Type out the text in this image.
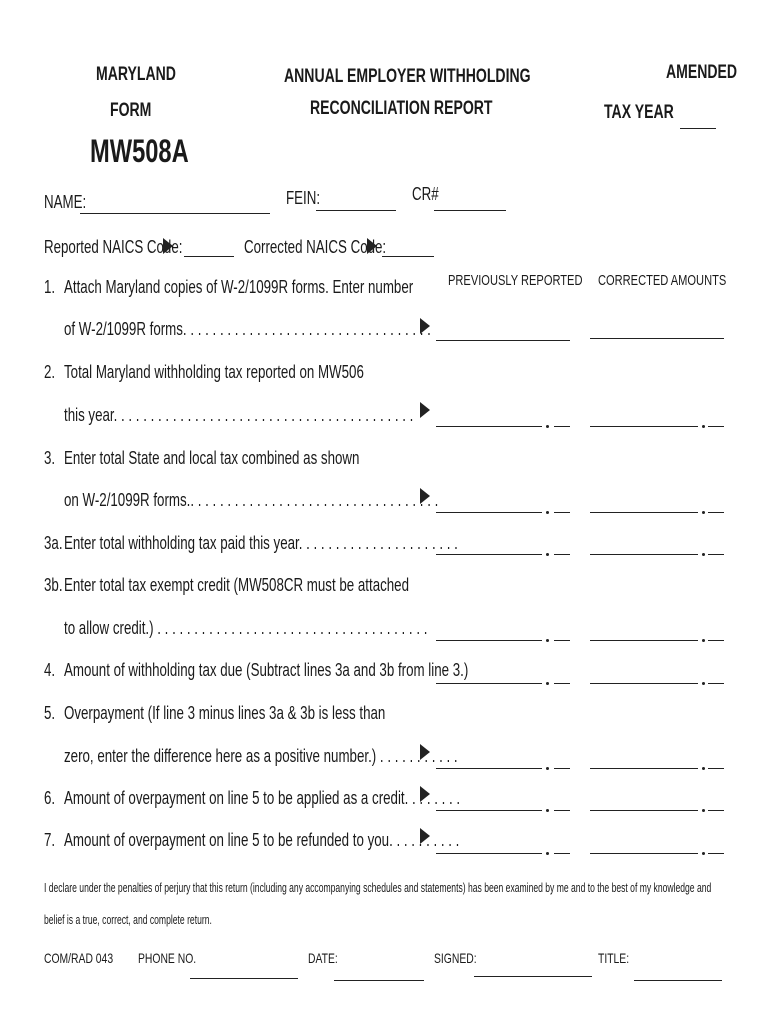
MARYLAND
FORM
MW508A
ANNUAL EMPLOYER WITHHOLDING
RECONCILIATION REPORT
AMENDED
TAX YEAR
NAME:	FEIN:	CR#
Reported NAICS Code:	Corrected NAICS Code:
PREVIOUSLY REPORTED	CORRECTED AMOUNTS
1. Attach Maryland copies of W-2/1099R forms. Enter number
of W-2/1099R forms. . . . . . . . . . . . . . . . . . . . . . . . . . . . . . . . . .
2. Total Maryland withholding tax reported on MW506
this year. . . . . . . . . . . . . . . . . . . . . . . . . . . . . . . . . . . . . . . . .
3. Enter total State and local tax combined as shown
on W-2/1099R forms.. . . . . . . . . . . . . . . . . . . . . . . . . . . . . . . . . .
3a. Enter total withholding tax paid this year. . . . . . . . . . . . . . . . . . . . . .
3b. Enter total tax exempt credit (MW508CR must be attached
to allow credit.) . . . . . . . . . . . . . . . . . . . . . . . . . . . . . . . . . . . . .
4. Amount of withholding tax due (Subtract lines 3a and 3b from line 3.)
5. Overpayment (If line 3 minus lines 3a & 3b is less than
zero, enter the difference here as a positive number.) . . . . . . . . . . .
6. Amount of overpayment on line 5 to be applied as a credit. . . . . . . .
7. Amount of overpayment on line 5 to be refunded to you. . . . . . . . . .
I declare under the penalties of perjury that this return (including any accompanying schedules and statements) has been examined by me and to the best of my knowledge and
belief is a true, correct, and complete return.
COM/RAD 043	PHONE NO.	DATE:	SIGNED:	TITLE:
